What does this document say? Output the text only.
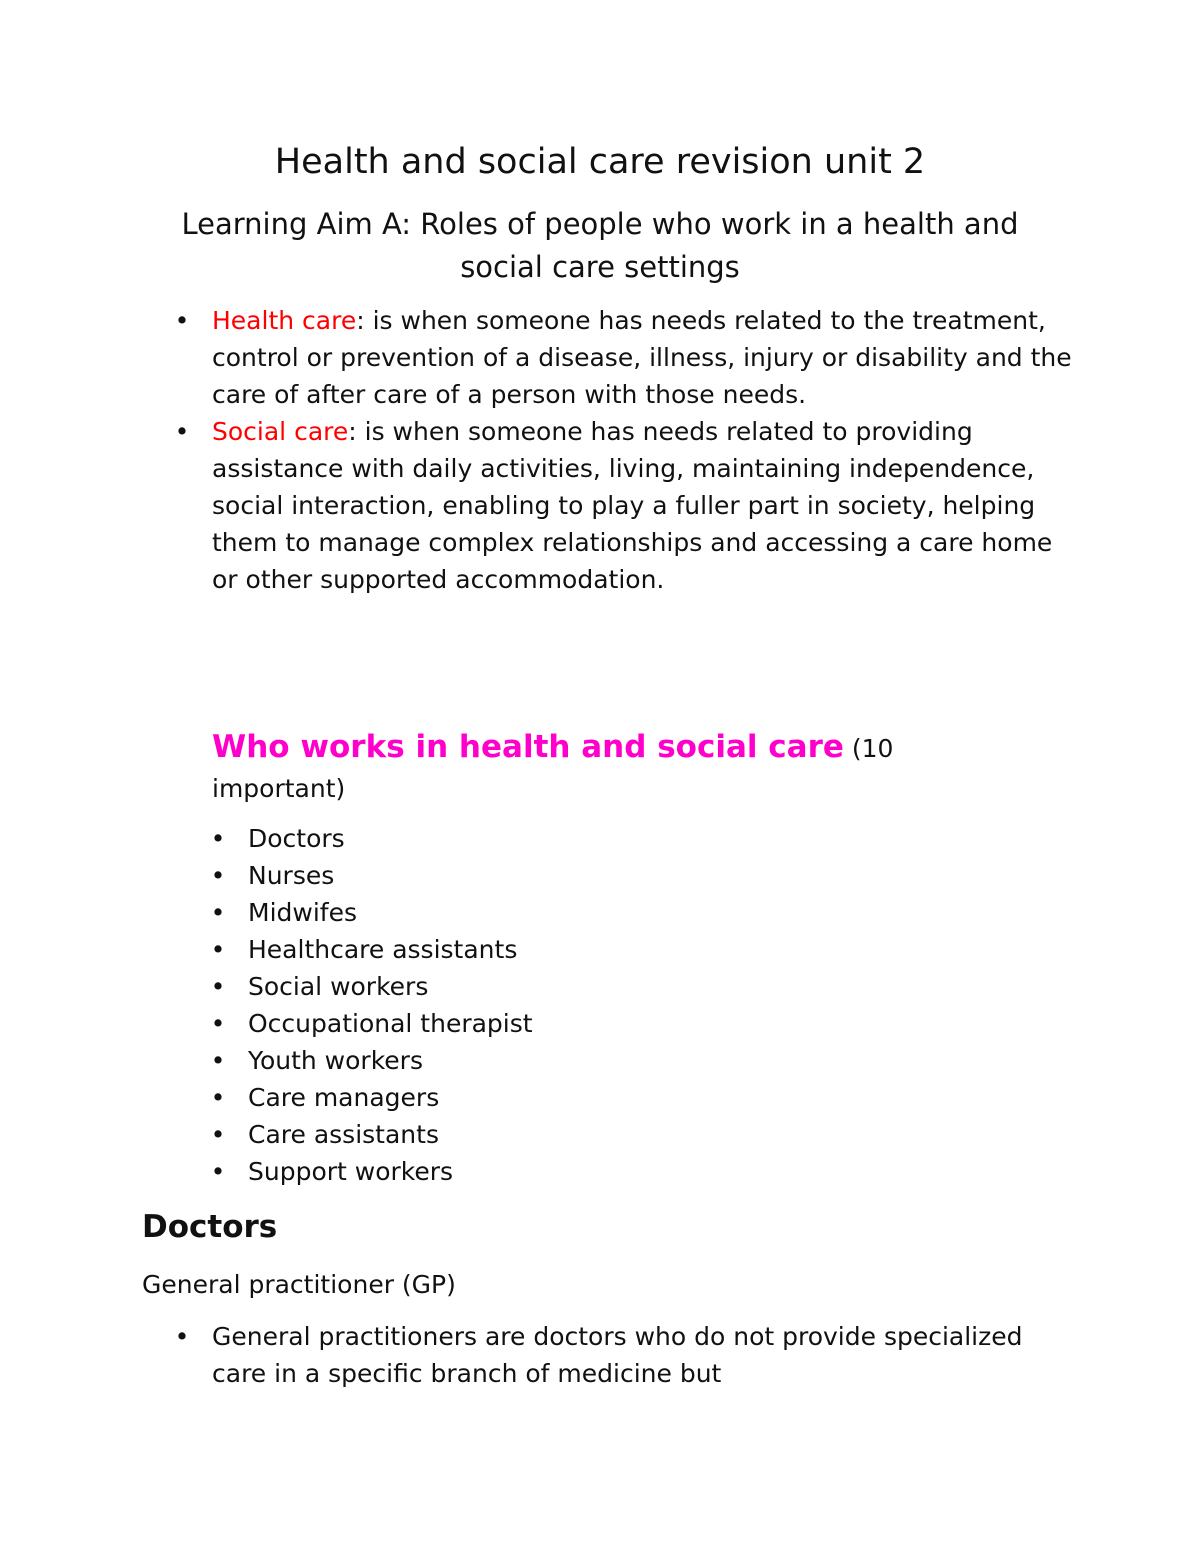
Health and social care revision unit 2
Learning Aim A: Roles of people who work in a health and social care settings
• Health care: is when someone has needs related to the treatment, control or prevention of a disease, illness, injury or disability and the care of after care of a person with those needs.
• Social care: is when someone has needs related to providing assistance with daily activities, living, maintaining independence, social interaction, enabling to play a fuller part in society, helping them to manage complex relationships and accessing a care home or other supported accommodation.
Who works in health and social care (10 important)
• Doctors
• Nurses
• Midwifes
• Healthcare assistants
• Social workers
• Occupational therapist
• Youth workers
• Care managers
• Care assistants
• Support workers
Doctors

General practitioner (GP)

• General practitioners are doctors who do not provide specialized care in a specific branch of medicine but
